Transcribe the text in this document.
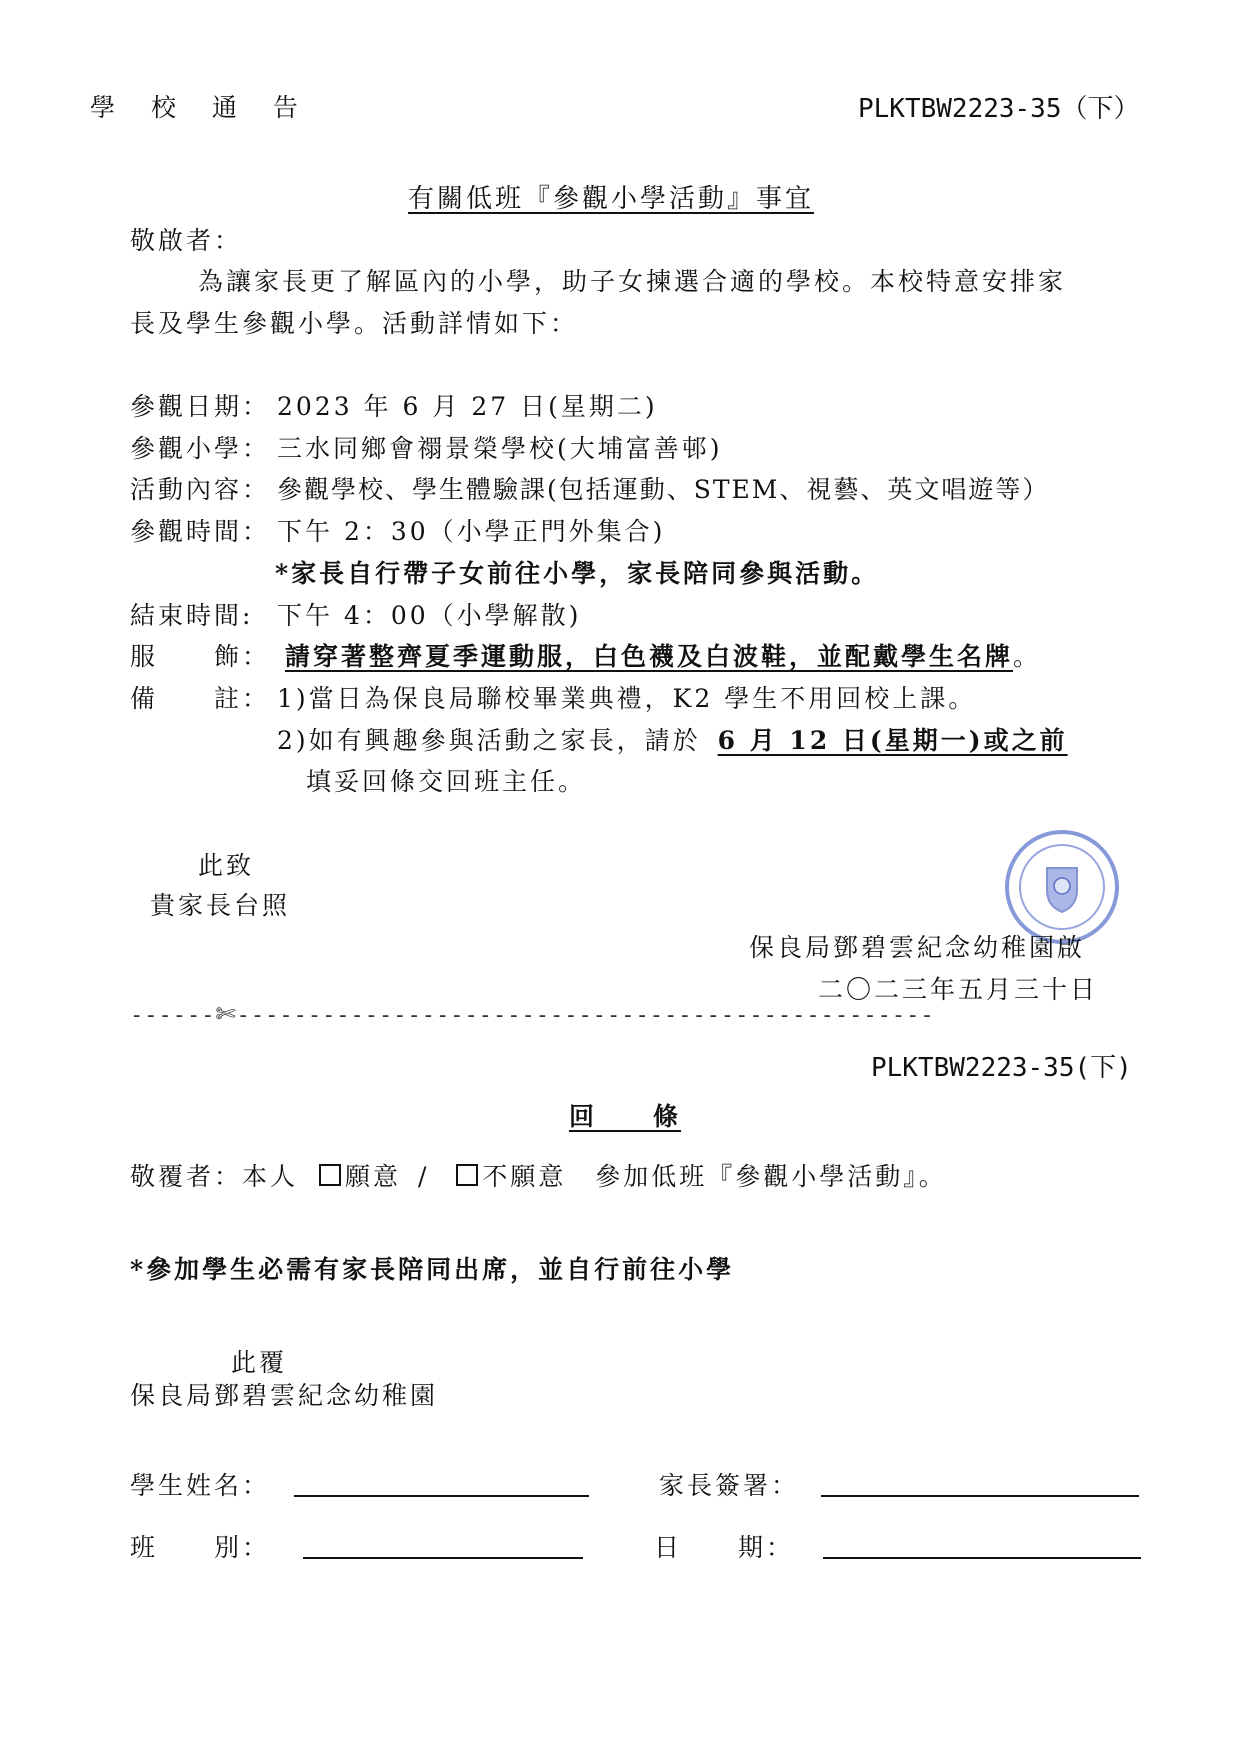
學 校 通 告	PLKTBW2223-35（下）
有關低班『參觀小學活動』事宜
敬啟者：
為讓家長更了解區內的小學，助子女揀選合適的學校。本校特意安排家
長及學生參觀小學。活動詳情如下：
參觀日期： 2023 年 6 月 27 日(星期二)
參觀小學： 三水同鄉會禤景榮學校(大埔富善邨)
活動內容： 參觀學校、學生體驗課(包括運動、STEM、視藝、英文唱遊等）
參觀時間： 下午 2：30（小學正門外集合)
*家長自行帶子女前往小學，家長陪同參與活動。
結束時間: 下午 4：00（小學解散)
服　　飾： 請穿著整齊夏季運動服，白色襪及白波鞋，並配戴學生名牌。
備　　註： 1)當日為保良局聯校畢業典禮，K2 學生不用回校上課。
2)如有興趣參與活動之家長，請於 6 月 12 日(星期一)或之前
填妥回條交回班主任。
此致
貴家長台照
保良局鄧碧雲紀念幼稚園啟
二〇二三年五月三十日
------✄-------------------------------------------------
PLKTBW2223-35(下)
回　　條
敬覆者：本人 願意 / 不願意 參加低班『參觀小學活動』。
*參加學生必需有家長陪同出席，並自行前往小學
此覆
保良局鄧碧雲紀念幼稚園
學生姓名：	家長簽署：
班　　別：	日　　期：
